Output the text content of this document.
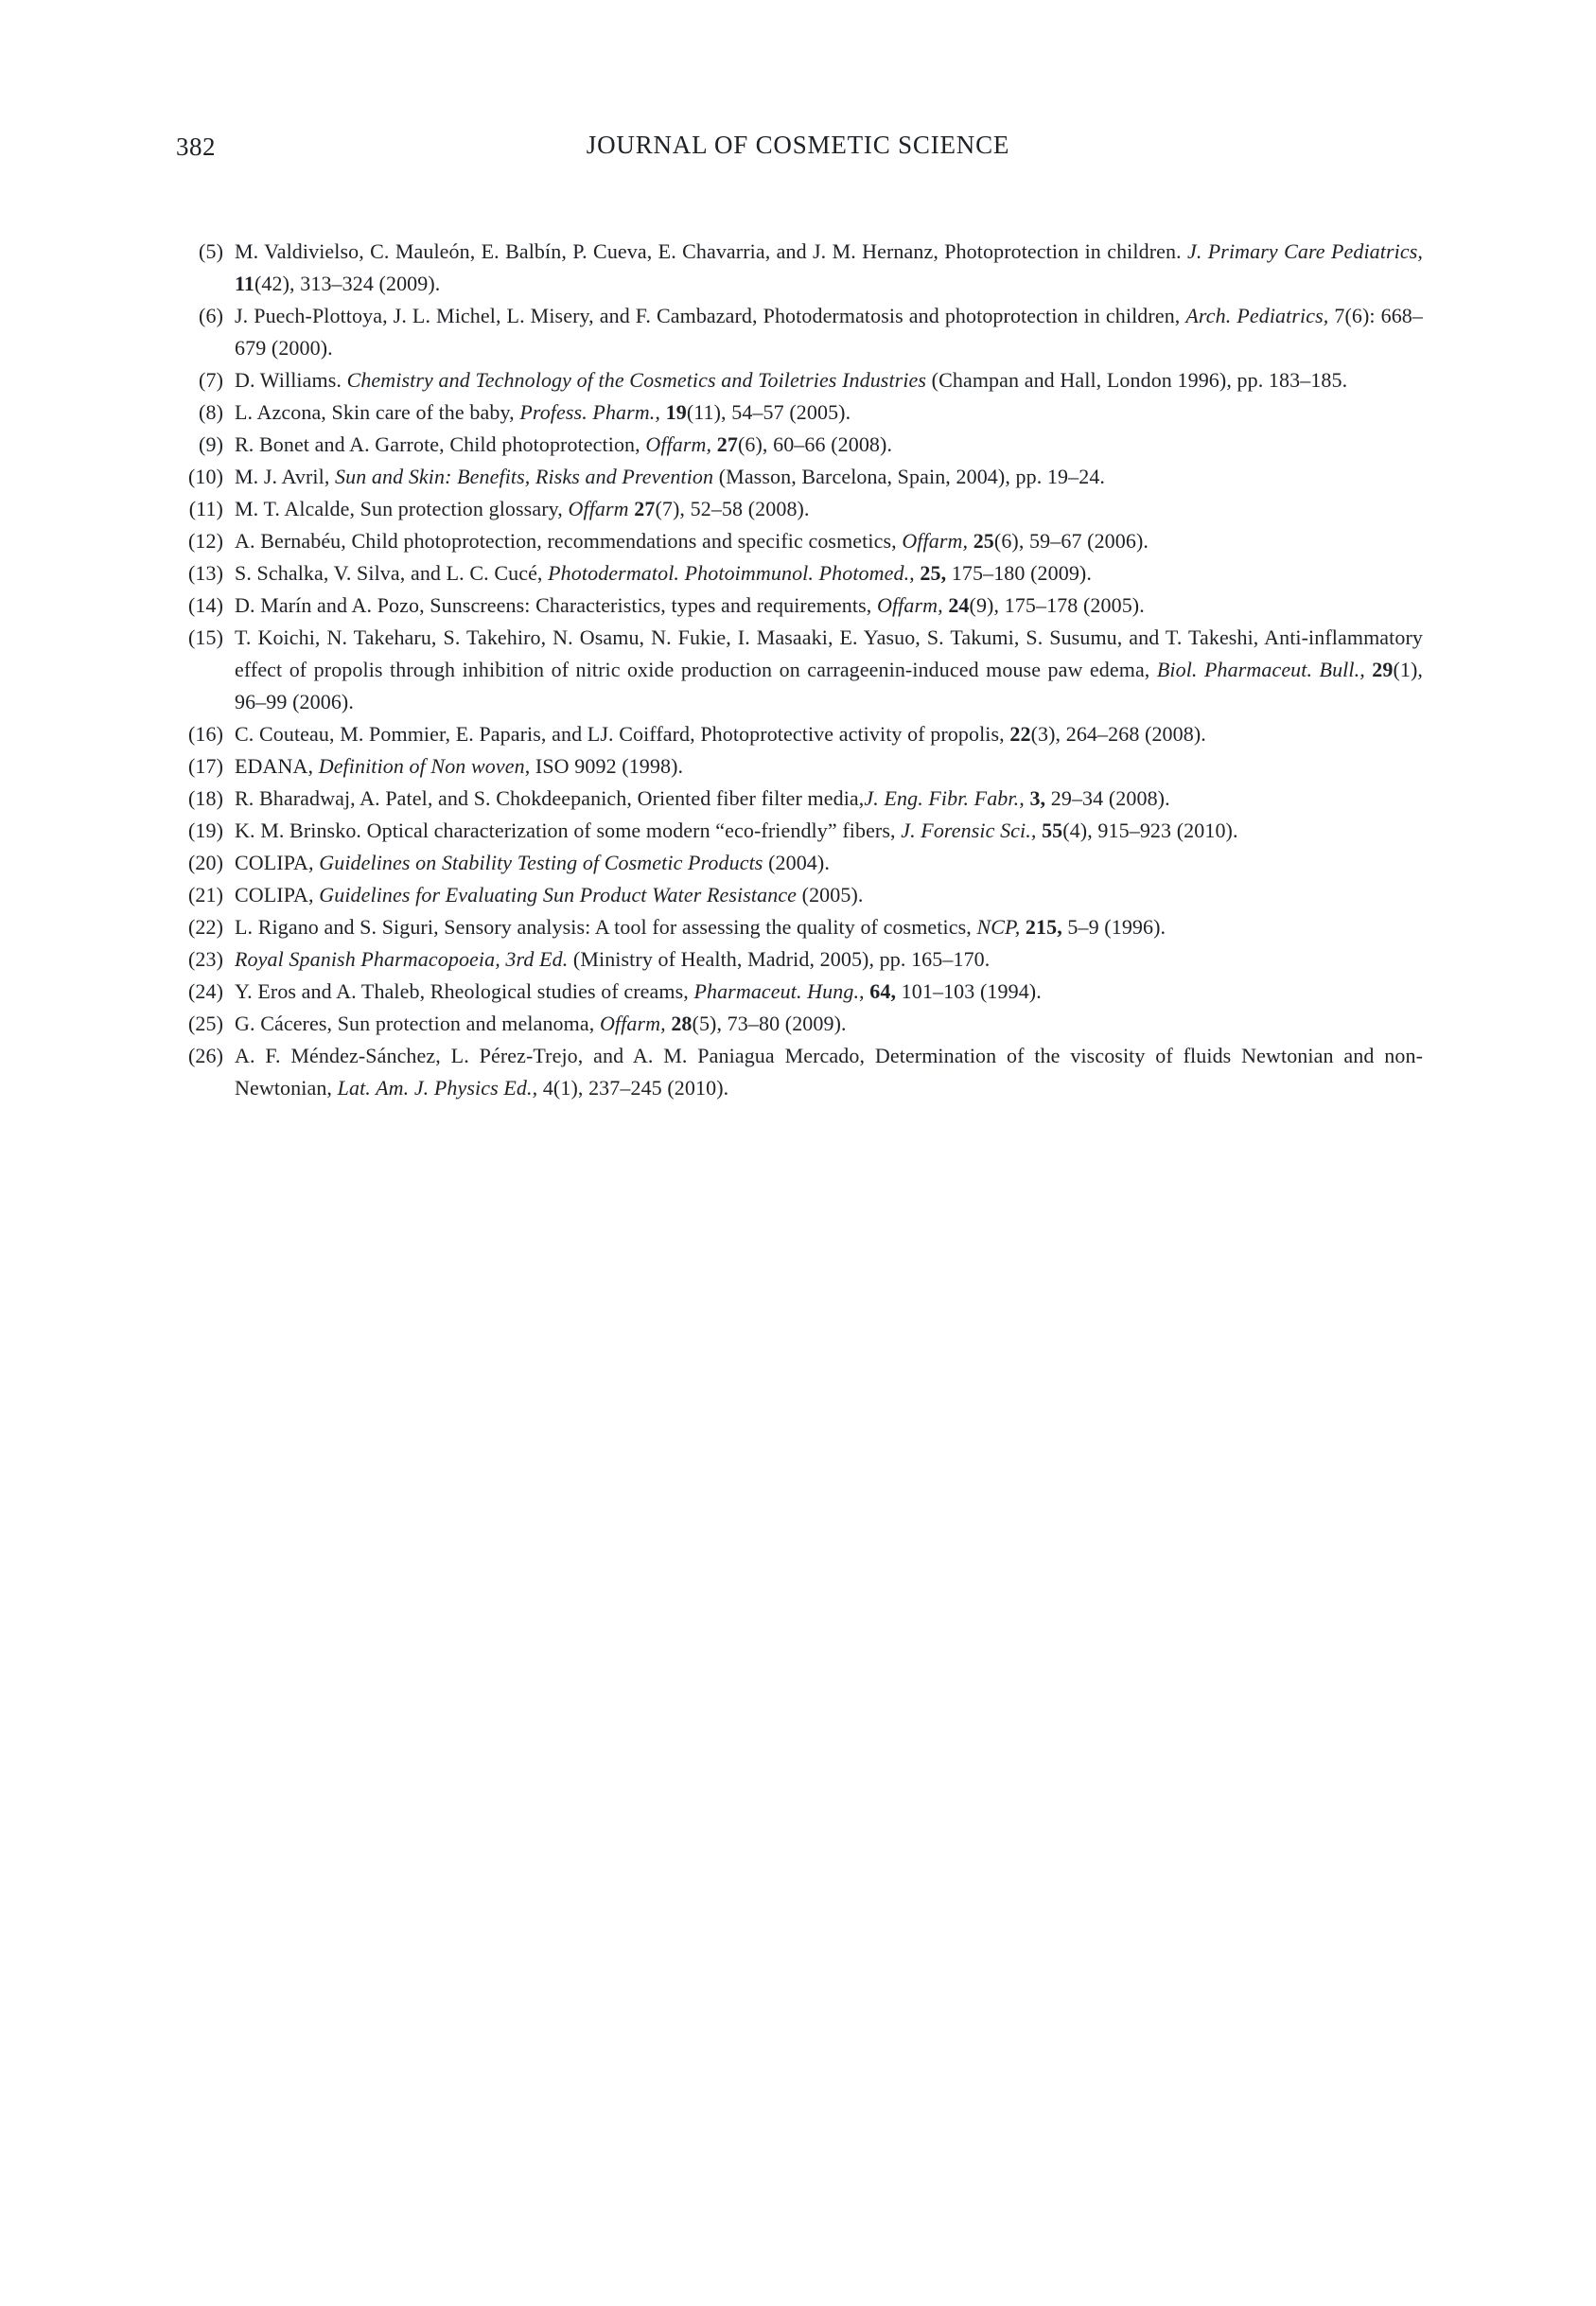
382	JOURNAL OF COSMETIC SCIENCE
(5) M. Valdivielso, C. Mauleón, E. Balbín, P. Cueva, E. Chavarria, and J. M. Hernanz, Photoprotection in children. J. Primary Care Pediatrics, 11(42), 313–324 (2009).
(6) J. Puech-Plottoya, J. L. Michel, L. Misery, and F. Cambazard, Photodermatosis and photoprotection in children, Arch. Pediatrics, 7(6): 668–679 (2000).
(7) D. Williams. Chemistry and Technology of the Cosmetics and Toiletries Industries (Champan and Hall, London 1996), pp. 183–185.
(8) L. Azcona, Skin care of the baby, Profess. Pharm., 19(11), 54–57 (2005).
(9) R. Bonet and A. Garrote, Child photoprotection, Offarm, 27(6), 60–66 (2008).
(10) M. J. Avril, Sun and Skin: Benefits, Risks and Prevention (Masson, Barcelona, Spain, 2004), pp. 19–24.
(11) M. T. Alcalde, Sun protection glossary, Offarm 27(7), 52–58 (2008).
(12) A. Bernabéu, Child photoprotection, recommendations and specific cosmetics, Offarm, 25(6), 59–67 (2006).
(13) S. Schalka, V. Silva, and L. C. Cucé, Photodermatol. Photoimmunol. Photomed., 25, 175–180 (2009).
(14) D. Marín and A. Pozo, Sunscreens: Characteristics, types and requirements, Offarm, 24(9), 175–178 (2005).
(15) T. Koichi, N. Takeharu, S. Takehiro, N. Osamu, N. Fukie, I. Masaaki, E. Yasuo, S. Takumi, S. Susumu, and T. Takeshi, Anti-inflammatory effect of propolis through inhibition of nitric oxide production on carrageenin-induced mouse paw edema, Biol. Pharmaceut. Bull., 29(1), 96–99 (2006).
(16) C. Couteau, M. Pommier, E. Paparis, and LJ. Coiffard, Photoprotective activity of propolis, 22(3), 264–268 (2008).
(17) EDANA, Definition of Non woven, ISO 9092 (1998).
(18) R. Bharadwaj, A. Patel, and S. Chokdeepanich, Oriented fiber filter media,J. Eng. Fibr. Fabr., 3, 29–34 (2008).
(19) K. M. Brinsko. Optical characterization of some modern “eco-friendly” fibers, J. Forensic Sci., 55(4), 915–923 (2010).
(20) COLIPA, Guidelines on Stability Testing of Cosmetic Products (2004).
(21) COLIPA, Guidelines for Evaluating Sun Product Water Resistance (2005).
(22) L. Rigano and S. Siguri, Sensory analysis: A tool for assessing the quality of cosmetics, NCP, 215, 5–9 (1996).
(23) Royal Spanish Pharmacopoeia, 3rd Ed. (Ministry of Health, Madrid, 2005), pp. 165–170.
(24) Y. Eros and A. Thaleb, Rheological studies of creams, Pharmaceut. Hung., 64, 101–103 (1994).
(25) G. Cáceres, Sun protection and melanoma, Offarm, 28(5), 73–80 (2009).
(26) A. F. Méndez-Sánchez, L. Pérez-Trejo, and A. M. Paniagua Mercado, Determination of the viscosity of fluids Newtonian and non-Newtonian, Lat. Am. J. Physics Ed., 4(1), 237–245 (2010).
